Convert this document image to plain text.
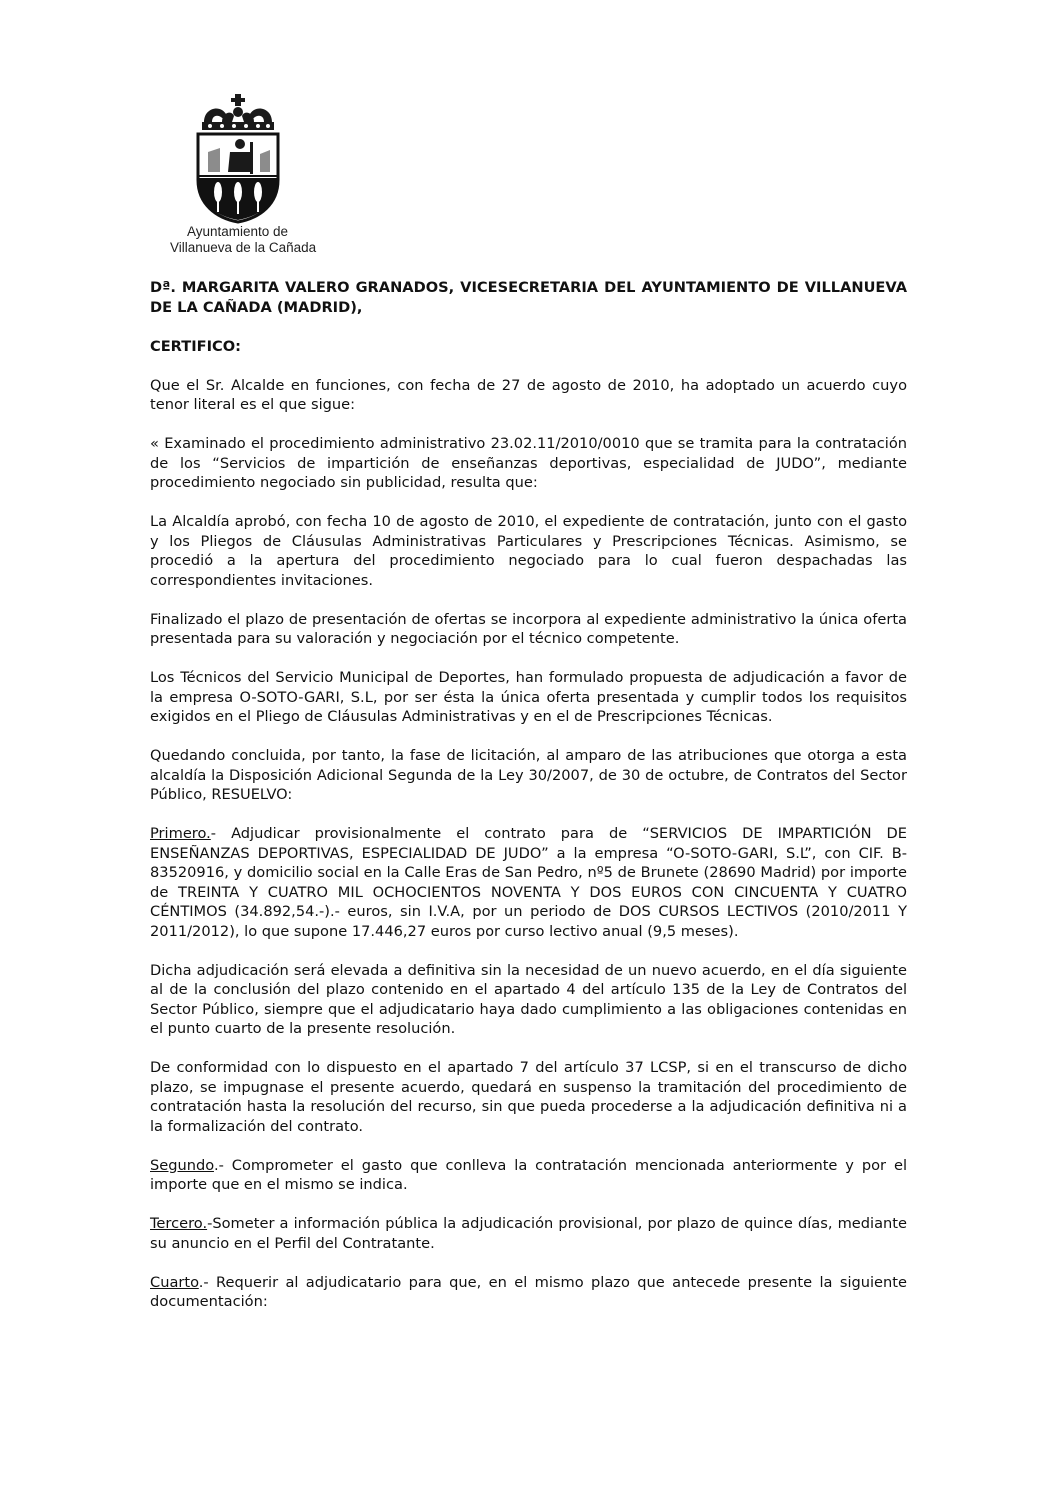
Ayuntamiento de
Villanueva de la Cañada

Dª. MARGARITA VALERO GRANADOS, VICESECRETARIA DEL AYUNTAMIENTO DE VILLANUEVA DE LA CAÑADA (MADRID),

CERTIFICO:

Que el Sr. Alcalde en funciones, con fecha de 27 de agosto de 2010, ha adoptado un acuerdo cuyo tenor literal es el que sigue:

« Examinado el procedimiento administrativo 23.02.11/2010/0010 que se tramita para la contratación de los “Servicios de impartición de enseñanzas deportivas, especialidad de JUDO”, mediante procedimiento negociado sin publicidad, resulta que:

La Alcaldía aprobó, con fecha 10 de agosto de 2010, el expediente de contratación, junto con el gasto y los Pliegos de Cláusulas Administrativas Particulares y Prescripciones Técnicas. Asimismo, se procedió a la apertura del procedimiento negociado para lo cual fueron despachadas las correspondientes invitaciones.

Finalizado el plazo de presentación de ofertas se incorpora al expediente administrativo la única oferta presentada para su valoración y negociación por el técnico competente.

Los Técnicos del Servicio Municipal de Deportes, han formulado propuesta de adjudicación a favor de la empresa O-SOTO-GARI, S.L, por ser ésta la única oferta presentada y cumplir todos los requisitos exigidos en el Pliego de Cláusulas Administrativas y en el de Prescripciones Técnicas.

Quedando concluida, por tanto, la fase de licitación, al amparo de las atribuciones que otorga a esta alcaldía la Disposición Adicional Segunda de la Ley 30/2007, de 30 de octubre, de Contratos del Sector Público, RESUELVO:

Primero.- Adjudicar provisionalmente el contrato para de “SERVICIOS DE IMPARTICIÓN DE ENSEÑANZAS DEPORTIVAS, ESPECIALIDAD DE JUDO” a la empresa “O-SOTO-GARI, S.L”, con CIF. B- 83520916, y domicilio social en la Calle Eras de San Pedro, nº5 de Brunete (28690 Madrid) por importe de TREINTA Y CUATRO MIL OCHOCIENTOS NOVENTA Y DOS EUROS CON CINCUENTA Y CUATRO CÉNTIMOS (34.892,54.-).- euros, sin I.V.A, por un periodo de DOS CURSOS LECTIVOS (2010/2011 Y 2011/2012), lo que supone 17.446,27 euros por curso lectivo anual (9,5 meses).

Dicha adjudicación será elevada a definitiva sin la necesidad de un nuevo acuerdo, en el día siguiente al de la conclusión del plazo contenido en el apartado 4 del artículo 135 de la Ley de Contratos del Sector Público, siempre que el adjudicatario haya dado cumplimiento a las obligaciones contenidas en el punto cuarto de la presente resolución.

De conformidad con lo dispuesto en el apartado 7 del artículo 37 LCSP, si en el transcurso de dicho plazo, se impugnase el presente acuerdo, quedará en suspenso la tramitación del procedimiento de contratación hasta la resolución del recurso, sin que pueda procederse a la adjudicación definitiva ni a la formalización del contrato.

Segundo.- Comprometer el gasto que conlleva la contratación mencionada anteriormente y por el importe que en el mismo se indica.

Tercero.-Someter a información pública la adjudicación provisional, por plazo de quince días, mediante su anuncio en el Perfil del Contratante.

Cuarto.- Requerir al adjudicatario para que, en el mismo plazo que antecede presente la siguiente documentación:
